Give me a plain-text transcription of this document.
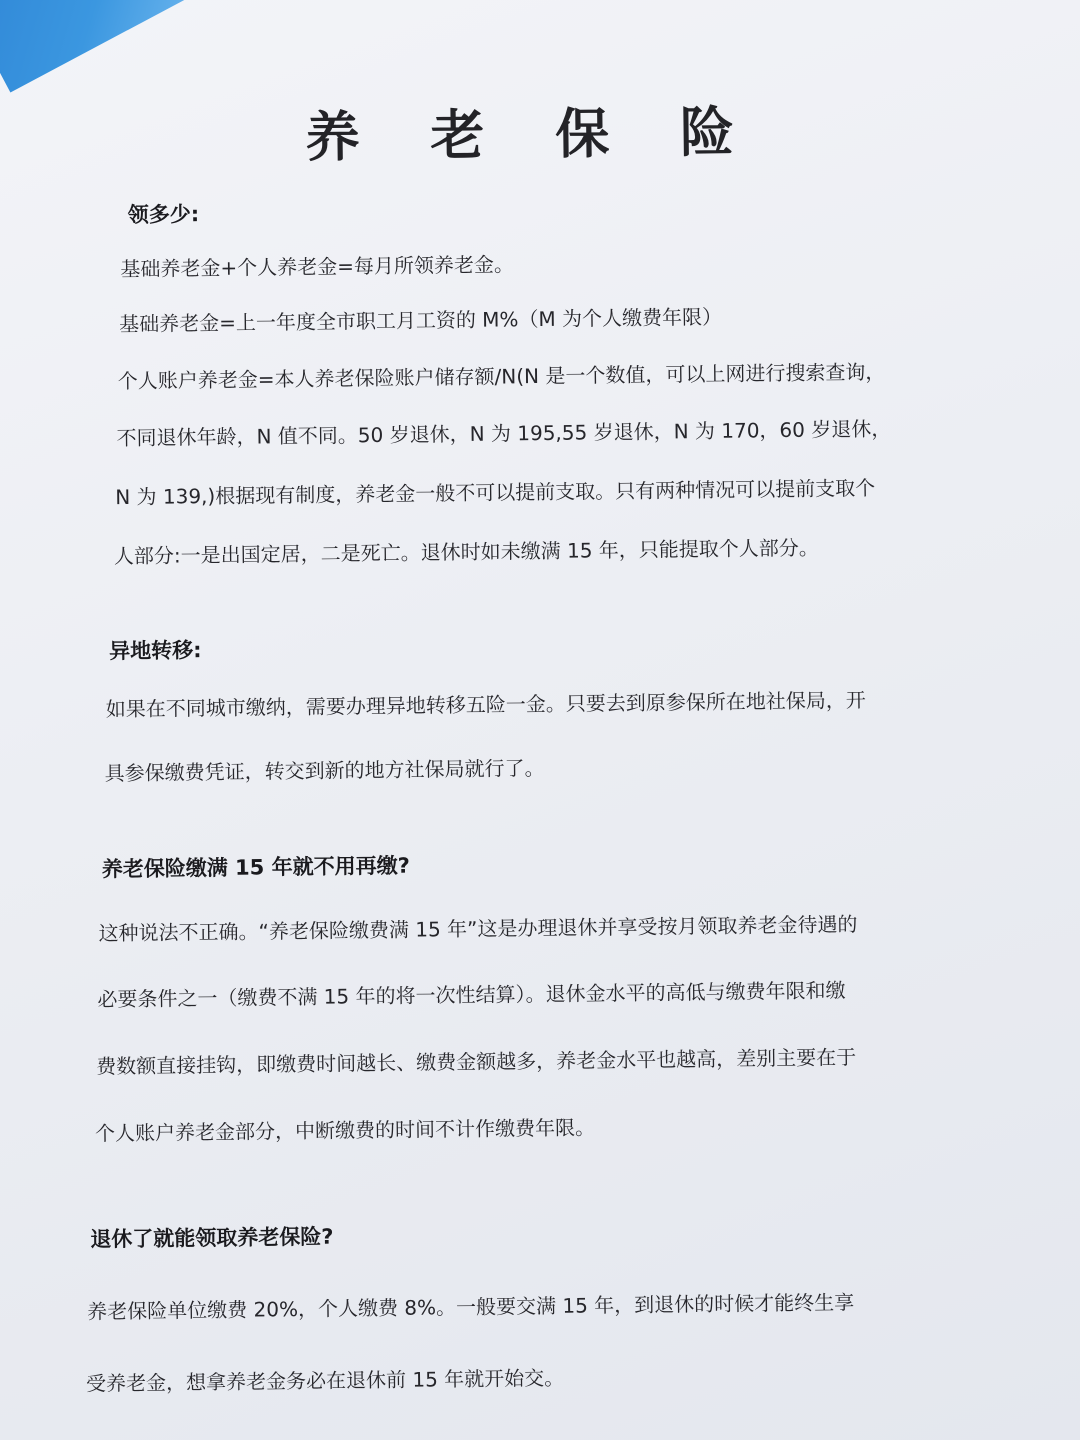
养 老 保 险
领多少:
基础养老金+个人养老金=每月所领养老金。
基础养老金=上一年度全市职工月工资的 M%（M 为个人缴费年限）
个人账户养老金=本人养老保险账户储存额/N(N 是一个数值，可以上网进行搜索查询，
不同退休年龄，N 值不同。50 岁退休，N 为 195,55 岁退休，N 为 170，60 岁退休，
N 为 139,)根据现有制度，养老金一般不可以提前支取。只有两种情况可以提前支取个
人部分:一是出国定居，二是死亡。退休时如未缴满 15 年，只能提取个人部分。
异地转移:
如果在不同城市缴纳，需要办理异地转移五险一金。只要去到原参保所在地社保局，开
具参保缴费凭证，转交到新的地方社保局就行了。
养老保险缴满 15 年就不用再缴?
这种说法不正确。“养老保险缴费满 15 年”这是办理退休并享受按月领取养老金待遇的
必要条件之一（缴费不满 15 年的将一次性结算）。退休金水平的高低与缴费年限和缴
费数额直接挂钩，即缴费时间越长、缴费金额越多，养老金水平也越高，差别主要在于
个人账户养老金部分，中断缴费的时间不计作缴费年限。
退休了就能领取养老保险?
养老保险单位缴费 20%，个人缴费 8%。一般要交满 15 年，到退休的时候才能终生享
受养老金，想拿养老金务必在退休前 15 年就开始交。
